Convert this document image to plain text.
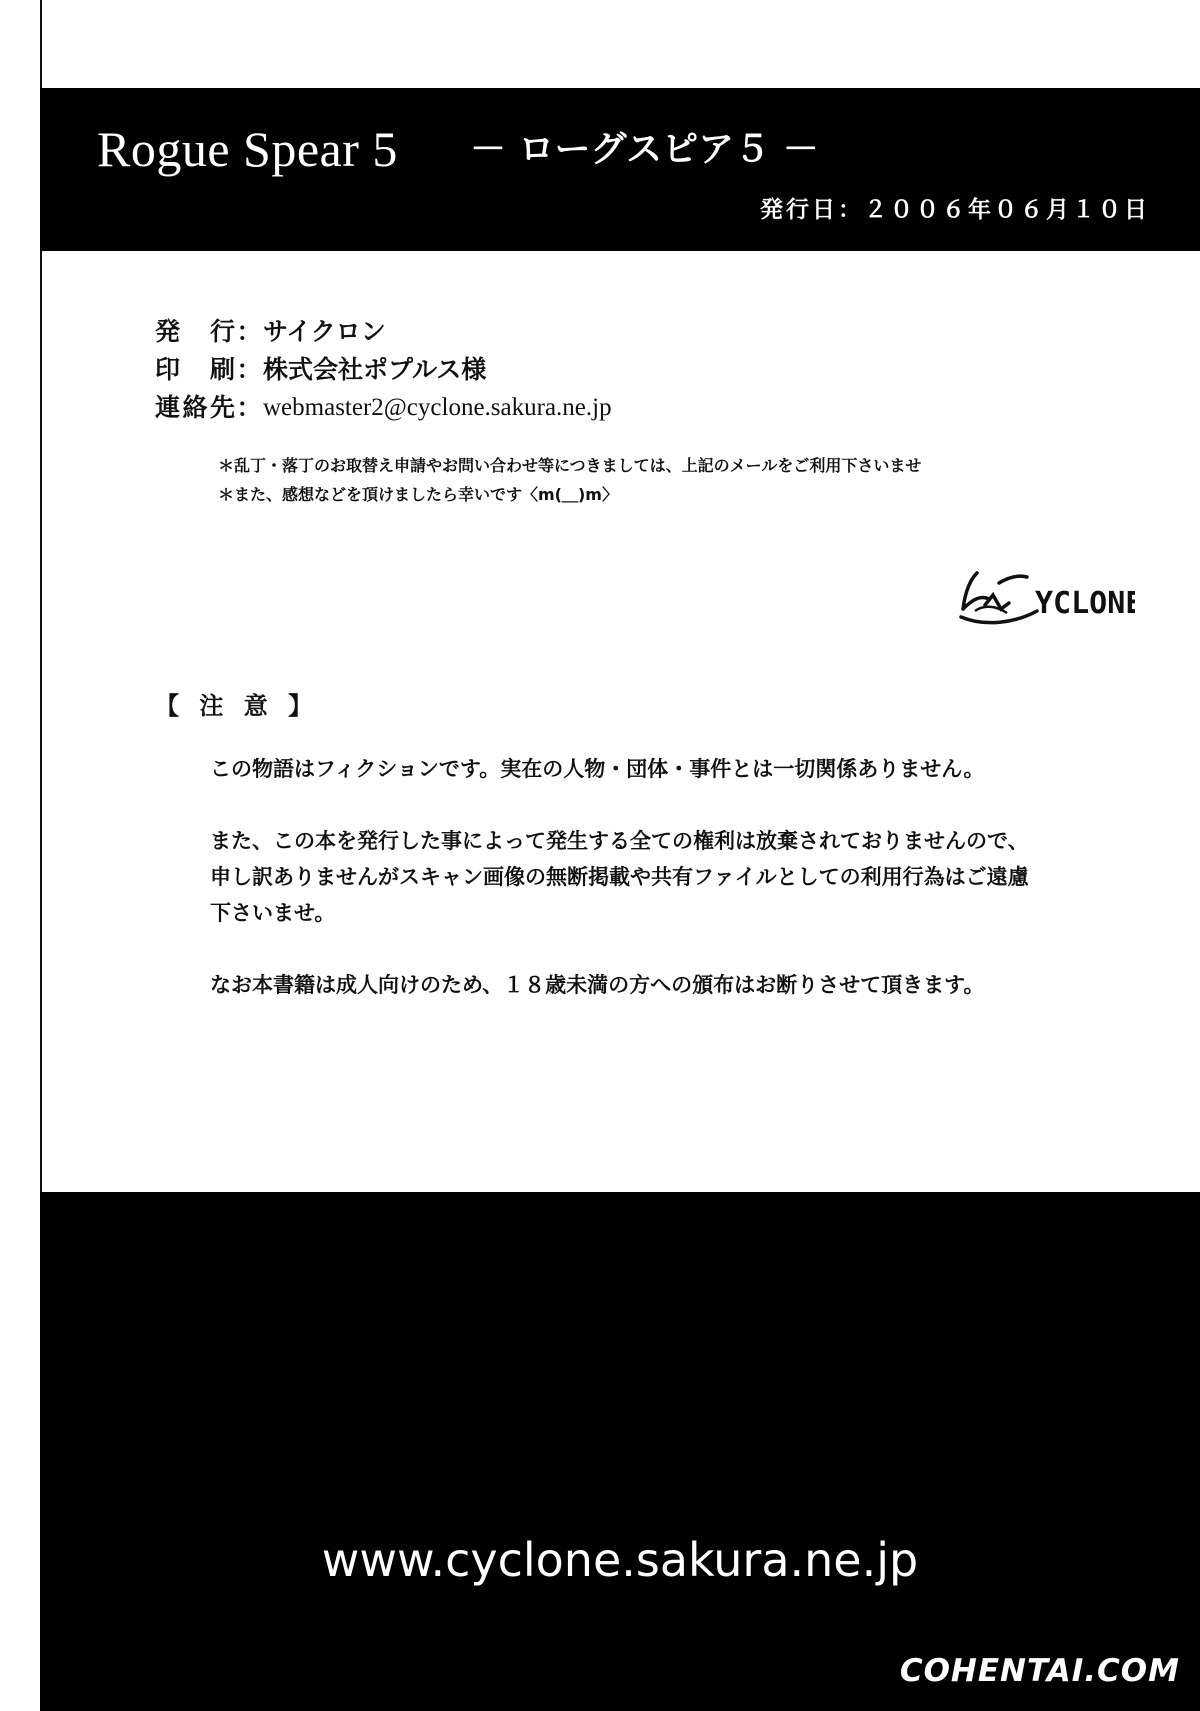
Rogue Spear 5 － ローグスピア５ －
発行日：２００６年０６月１０日
発　行 ： サイクロン
印　刷 ： 株式会社ポプルス様
連絡先 ： webmaster2@cyclone.sakura.ne.jp
＊乱丁・落丁のお取替え申請やお問い合わせ等につきましては、上記のメールをご利用下さいませ
＊また、感想などを頂けましたら幸いです〈m(＿)m〉
YCLONE
【 注 意 】

この物語はフィクションです。実在の人物・団体・事件とは一切関係ありません。

また、この本を発行した事によって発生する全ての権利は放棄されておりませんので、
申し訳ありませんがスキャン画像の無断掲載や共有ファイルとしての利用行為はご遠慮
下さいませ。

なお本書籍は成人向けのため、１８歳未満の方への頒布はお断りさせて頂きます。

www.cyclone.sakura.ne.jp
COHENTAI.COM
